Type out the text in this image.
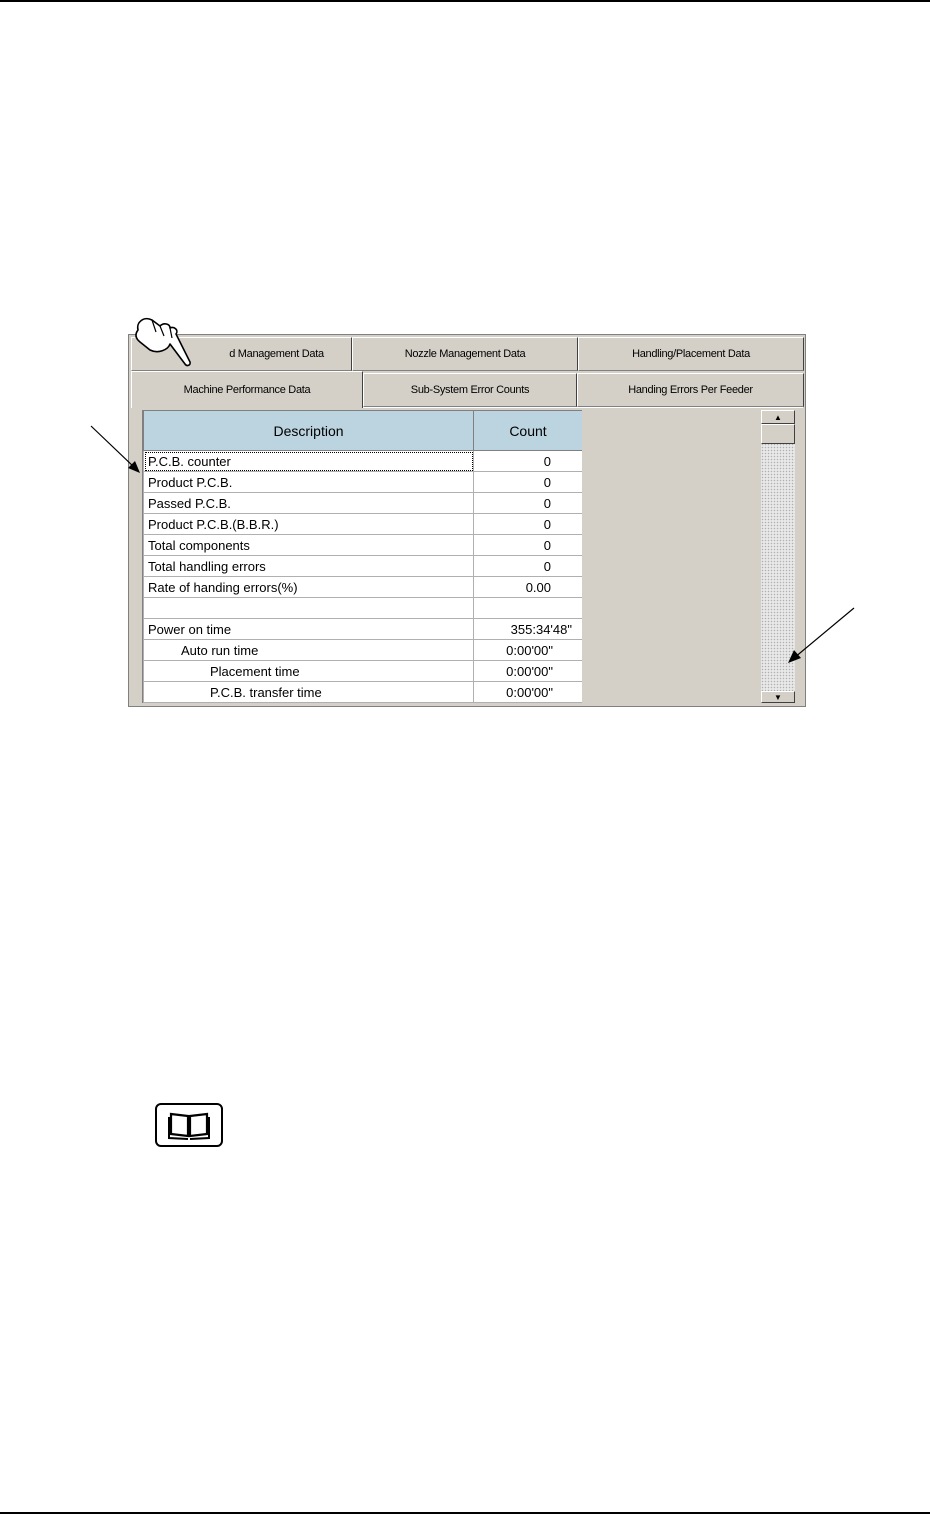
d Management Data	Nozzle Management Data	Handling/Placement Data
Machine Performance Data	Sub-System Error Counts	Handing Errors Per Feeder
Description	Count
P.C.B. counter	0
Product P.C.B.	0
Passed P.C.B.	0
Product P.C.B.(B.B.R.)	0
Total components	0
Total handling errors	0
Rate of handing errors(%)	0.00

Power on time	355:34'48"
Auto run time	0:00'00"
Placement time	0:00'00"
P.C.B. transfer time	0:00'00"
▲
▼
